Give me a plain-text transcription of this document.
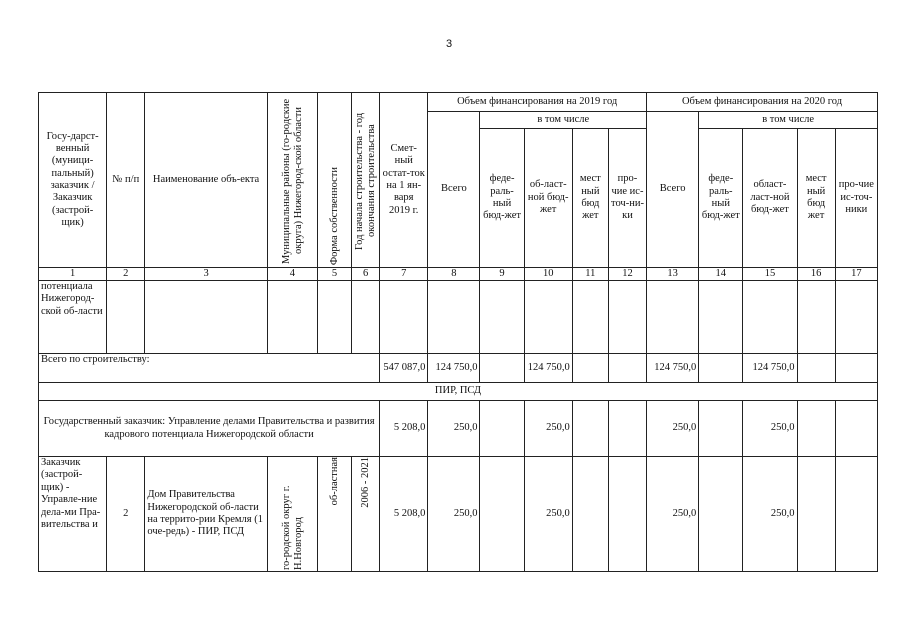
3
Госу-дарст-венный (муници-пальный) заказчик / Заказчик (застрой-щик)	№ п/п	Наименование объ-екта	Муниципальные районы (го-родские округа) Нижегород-ской области	Форма собственности	Год начала строительства - год окончания строительства	Смет-ный остат-ток на 1 ян-варя 2019 г.	Объем финансирования на 2019 год					Объем финансирования на 2020 год				
							Всего	в том числе				Всего	в том числе			
								феде-раль-ный бюд-жет	об-ласт-ной бюд-жет	мест ный бюд жет	про-чие ис-точ-ни-ки		феде-раль-ный бюд-жет	област-ласт-ной бюд-жет	мест ный бюд жет	про-чие ис-точ-ники
1	2	3	4	5	6	7	8	9	10	11	12	13	14	15	16	17
потенциала Нижегород-ской об-ласти																
Всего по строительству:						547 087,0	124 750,0		124 750,0			124 750,0		124 750,0		
ПИР, ПСД																
Государственный заказчик: Управление делами Правительства и развития кадрового потенциала Нижегородской области						5 208,0	250,0		250,0			250,0		250,0		
Заказчик (застрой-щик) - Управле-ние дела-ми Пра-вительства и	2	Дом Правительства Нижегородской об-ласти на террито-рии Кремля (1 оче-редь) - ПИР, ПСД	го-родской округ г. Н.Новгород	об-ластная	2006 - 2021	5 208,0	250,0		250,0			250,0		250,0		
